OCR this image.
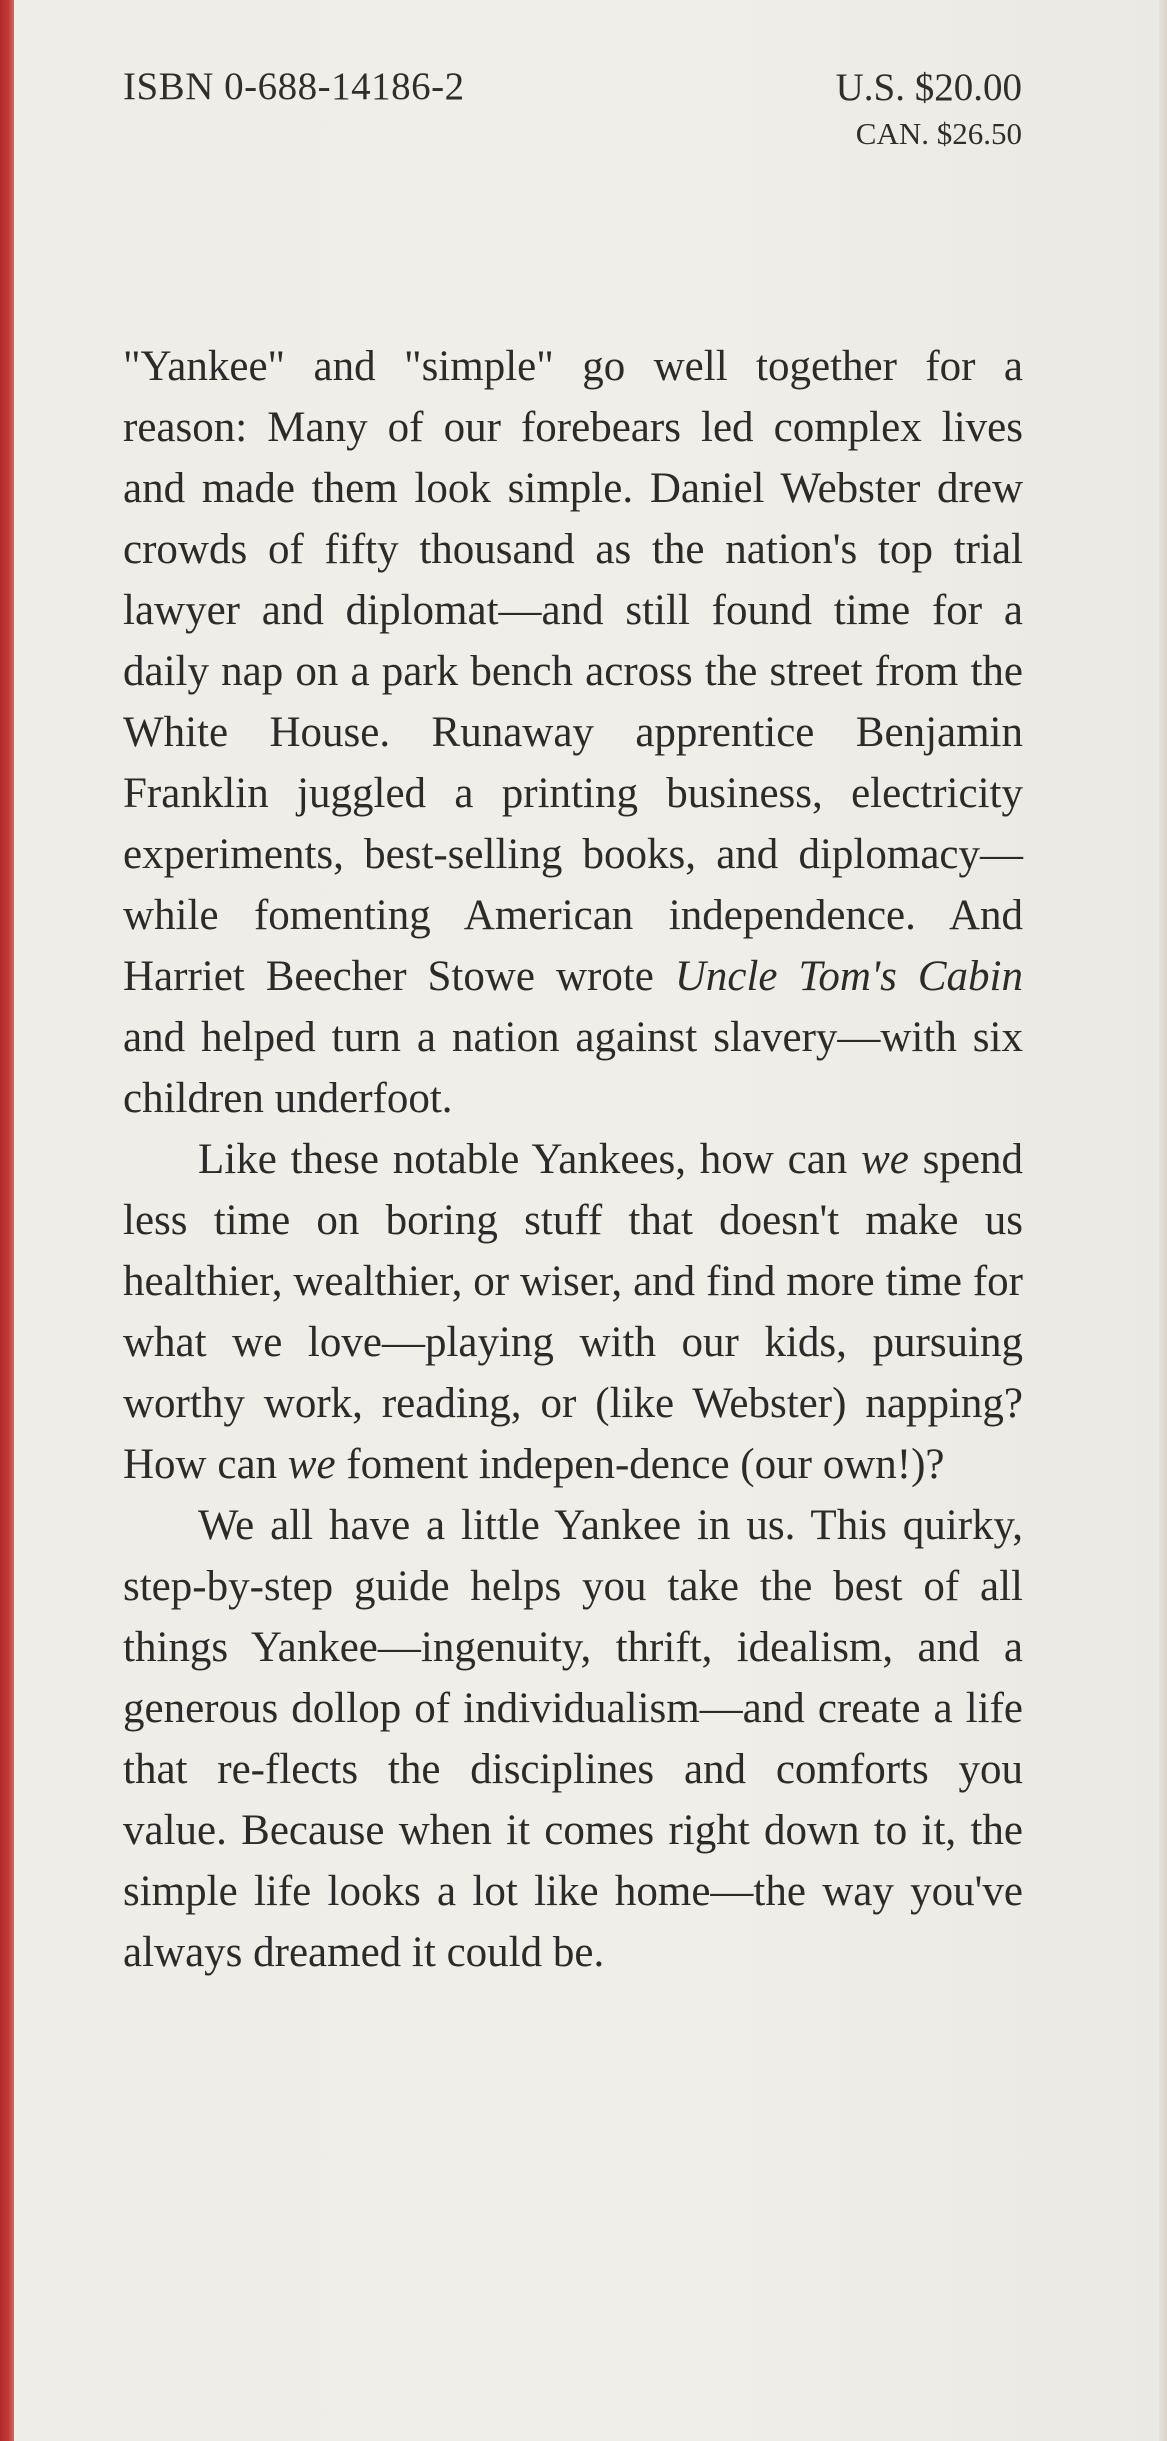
ISBN 0-688-14186-2	U.S. $20.00
CAN. $26.50

"Yankee" and "simple" go well together for a reason: Many of our forebears led complex lives and made them look simple. Daniel Webster drew crowds of fifty thousand as the nation's top trial lawyer and diplomat—and still found time for a daily nap on a park bench across the street from the White House. Runaway apprentice Benjamin Franklin juggled a printing business, electricity experiments, best-selling books, and diplomacy—while fomenting American independence. And Harriet Beecher Stowe wrote Uncle Tom's Cabin and helped turn a nation against slavery—with six children underfoot.

Like these notable Yankees, how can we spend less time on boring stuff that doesn't make us healthier, wealthier, or wiser, and find more time for what we love—playing with our kids, pursuing worthy work, reading, or (like Webster) napping? How can we foment indepen-dence (our own!)?

We all have a little Yankee in us. This quirky, step-by-step guide helps you take the best of all things Yankee—ingenuity, thrift, idealism, and a generous dollop of individualism—and create a life that re-flects the disciplines and comforts you value. Because when it comes right down to it, the simple life looks a lot like home—the way you've always dreamed it could be.
